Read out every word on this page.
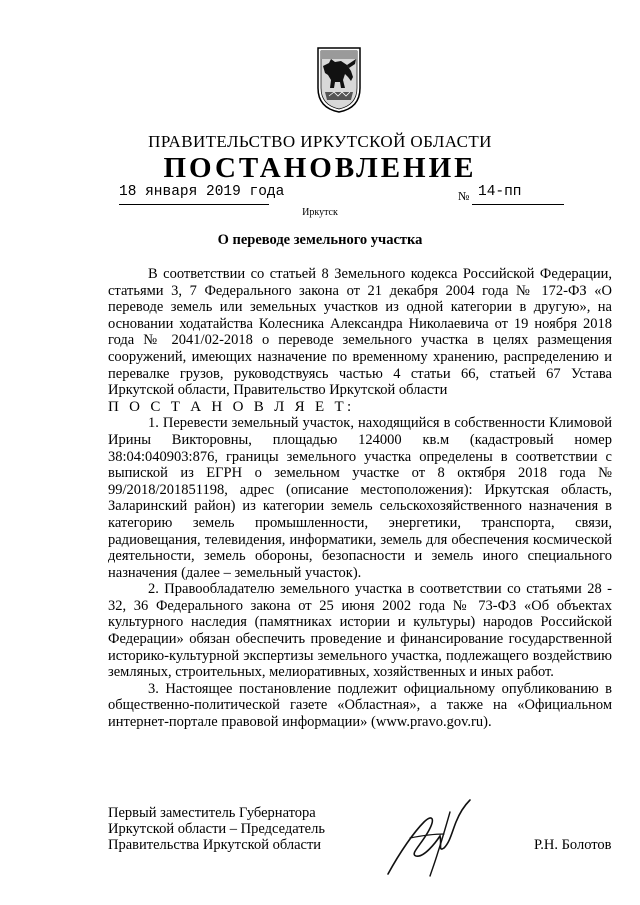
ПРАВИТЕЛЬСТВО ИРКУТСКОЙ ОБЛАСТИ
ПОСТАНОВЛЕНИЕ
18 января 2019 года	№ 14-пп
Иркутск
О переводе земельного участка

В соответствии со статьей 8 Земельного кодекса Российской Федерации, статьями 3, 7 Федерального закона от 21 декабря 2004 года № 172-ФЗ «О переводе земель или земельных участков из одной категории в другую», на основании ходатайства Колесника Александра Николаевича от 19 ноября 2018 года № 2041/02-2018 о переводе земельного участка в целях размещения сооружений, имеющих назначение по временному хранению, распределению и перевалке грузов, руководствуясь частью 4 статьи 66, статьей 67 Устава Иркутской области, Правительство Иркутской области

П О С Т А Н О В Л Я Е Т:

1. Перевести земельный участок, находящийся в собственности Климовой Ирины Викторовны, площадью 124000 кв.м (кадастровый номер 38:04:040903:876, границы земельного участка определены в соответствии с выпиской из ЕГРН о земельном участке от 8 октября 2018 года № 99/2018/201851198, адрес (описание местоположения): Иркутская область, Заларинский район) из категории земель сельскохозяйственного назначения в категорию земель промышленности, энергетики, транспорта, связи, радиовещания, телевидения, информатики, земель для обеспечения космической деятельности, земель обороны, безопасности и земель иного специального назначения (далее – земельный участок).

2. Правообладателю земельного участка в соответствии со статьями 28 - 32, 36 Федерального закона от 25 июня 2002 года № 73-ФЗ «Об объектах культурного наследия (памятниках истории и культуры) народов Российской Федерации» обязан обеспечить проведение и финансирование государственной историко-культурной экспертизы земельного участка, подлежащего воздействию земляных, строительных, мелиоративных, хозяйственных и иных работ.

3. Настоящее постановление подлежит официальному опубликованию в общественно-политической газете «Областная», а также на «Официальном интернет-портале правовой информации» (www.pravo.gov.ru).

Первый заместитель Губернатора
Иркутской области – Председатель
Правительства Иркутской области	Р.Н. Болотов
